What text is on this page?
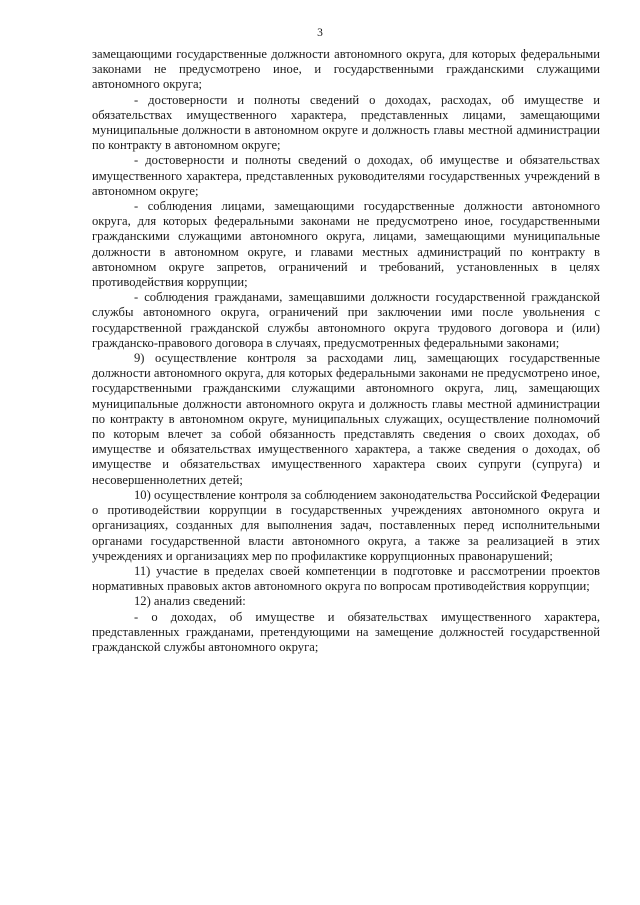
3

замещающими государственные должности автономного округа, для которых федеральными законами не предусмотрено иное, и государственными гражданскими служащими автономного округа;

- достоверности и полноты сведений о доходах, расходах, об имуществе и обязательствах имущественного характера, представленных лицами, замещающими муниципальные должности в автономном округе и должность главы местной администрации по контракту в автономном округе;

- достоверности и полноты сведений о доходах, об имуществе и обязательствах имущественного характера, представленных руководителями государственных учреждений в автономном округе;

- соблюдения лицами, замещающими государственные должности автономного округа, для которых федеральными законами не предусмотрено иное, государственными гражданскими служащими автономного округа, лицами, замещающими муниципальные должности в автономном округе, и главами местных администраций по контракту в автономном округе запретов, ограничений и требований, установленных в целях противодействия коррупции;

- соблюдения гражданами, замещавшими должности государственной гражданской службы автономного округа, ограничений при заключении ими после увольнения с государственной гражданской службы автономного округа трудового договора и (или) гражданско-правового договора в случаях, предусмотренных федеральными законами;

9) осуществление контроля за расходами лиц, замещающих государственные должности автономного округа, для которых федеральными законами не предусмотрено иное, государственными гражданскими служащими автономного округа, лиц, замещающих муниципальные должности автономного округа и должность главы местной администрации по контракту в автономном округе, муниципальных служащих, осуществление полномочий по которым влечет за собой обязанность представлять сведения о своих доходах, об имуществе и обязательствах имущественного характера, а также сведения о доходах, об имуществе и обязательствах имущественного характера своих супруги (супруга) и несовершеннолетних детей;

10) осуществление контроля за соблюдением законодательства Российской Федерации о противодействии коррупции в государственных учреждениях автономного округа и организациях, созданных для выполнения задач, поставленных перед исполнительными органами государственной власти автономного округа, а также за реализацией в этих учреждениях и организациях мер по профилактике коррупционных правонарушений;

11) участие в пределах своей компетенции в подготовке и рассмотрении проектов нормативных правовых актов автономного округа по вопросам противодействия коррупции;

12) анализ сведений:

- о доходах, об имуществе и обязательствах имущественного характера, представленных гражданами, претендующими на замещение должностей государственной гражданской службы автономного округа;
